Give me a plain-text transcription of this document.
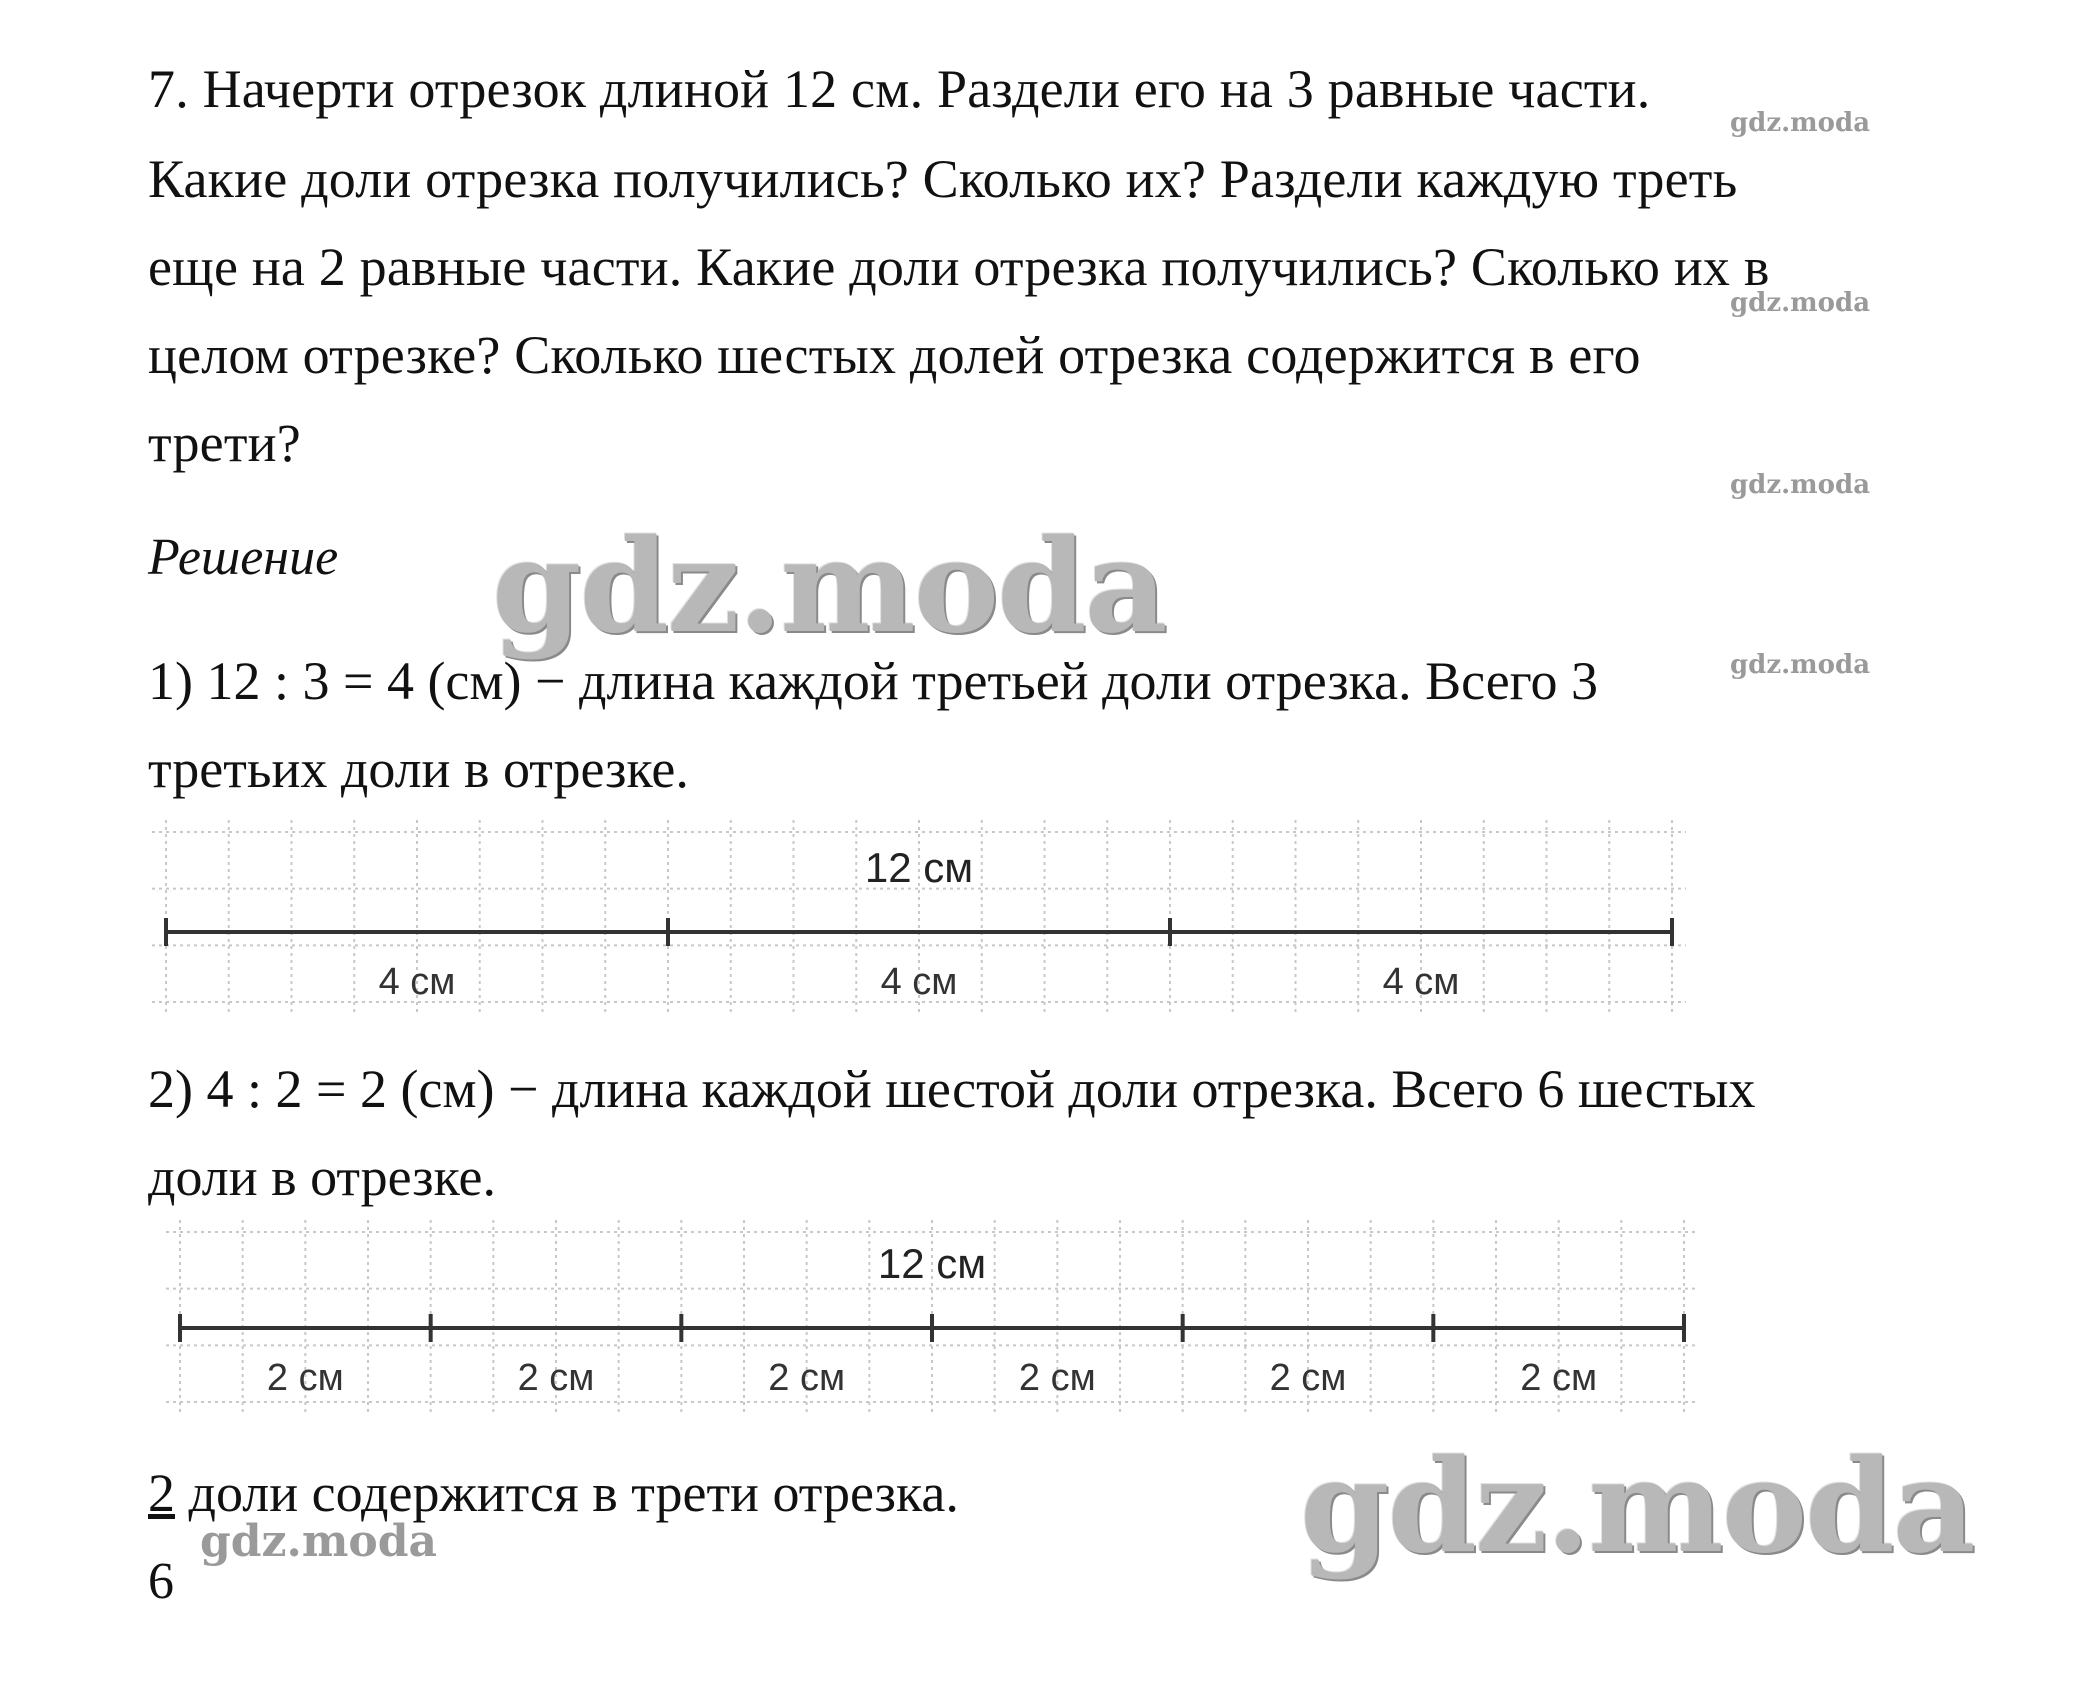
7. Начерти отрезок длиной 12 см. Раздели его на 3 равные части.
Какие доли отрезка получились? Сколько их? Раздели каждую треть
еще на 2 равные части. Какие доли отрезка получились? Сколько их в
целом отрезке? Сколько шестых долей отрезка содержится в его
трети?
Решение
1) 12 : 3 = 4 (см) − длина каждой третьей доли отрезка. Всего 3
третьих доли в отрезке.
2) 4 : 2 = 2 (см) − длина каждой шестой доли отрезка. Всего 6 шестых
доли в отрезке.
2 доли содержится в трети отрезка.
6
12 см
4 см	4 см	4 см
12 см
2 см	2 см	2 см	2 см	2 см	2 см
gdz.moda
gdz.moda
gdz.moda
gdz.moda
gdz.moda
gdz.moda
gdz.moda
